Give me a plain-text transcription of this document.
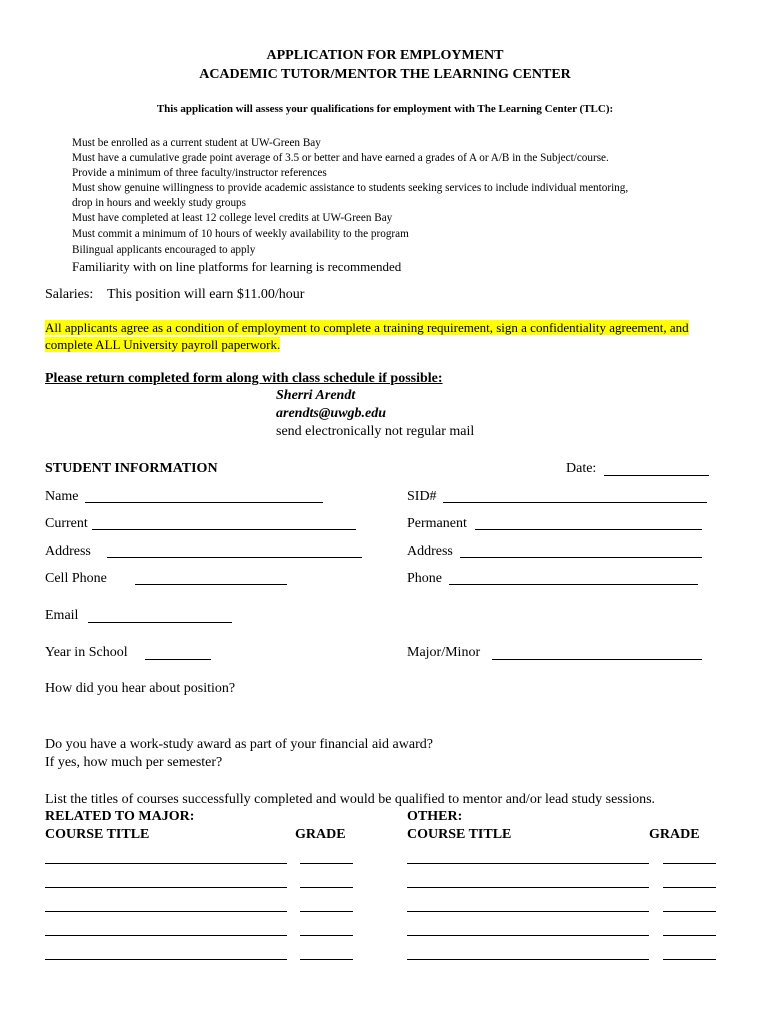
APPLICATION FOR EMPLOYMENT
ACADEMIC TUTOR/MENTOR THE LEARNING CENTER
This application will assess your qualifications for employment with The Learning Center (TLC):
Must be enrolled as a current student at UW-Green Bay
Must have a cumulative grade point average of 3.5 or better and have earned a grades of A or A/B in the Subject/course.
Provide a minimum of three faculty/instructor references
Must show genuine willingness to provide academic assistance to students seeking services to include individual mentoring,
drop in hours and weekly study groups
Must have completed at least 12 college level credits at UW-Green Bay
Must commit a minimum of 10 hours of weekly availability to the program
Bilingual applicants encouraged to apply
Familiarity with on line platforms for learning is recommended
Salaries: This position will earn $11.00/hour
All applicants agree as a condition of employment to complete a training requirement, sign a confidentiality agreement, and
complete ALL University payroll paperwork.
Please return completed form along with class schedule if possible:
Sherri Arendt
arendts@uwgb.edu
send electronically not regular mail
STUDENT INFORMATION	Date:
Name	SID#
Current	Permanent
Address	Address
Cell Phone	Phone
Email
Year in School	Major/Minor
How did you hear about position?
Do you have a work-study award as part of your financial aid award?
If yes, how much per semester?
List the titles of courses successfully completed and would be qualified to mentor and/or lead study sessions.
RELATED TO MAJOR:	OTHER:
COURSE TITLE	GRADE	COURSE TITLE	GRADE
